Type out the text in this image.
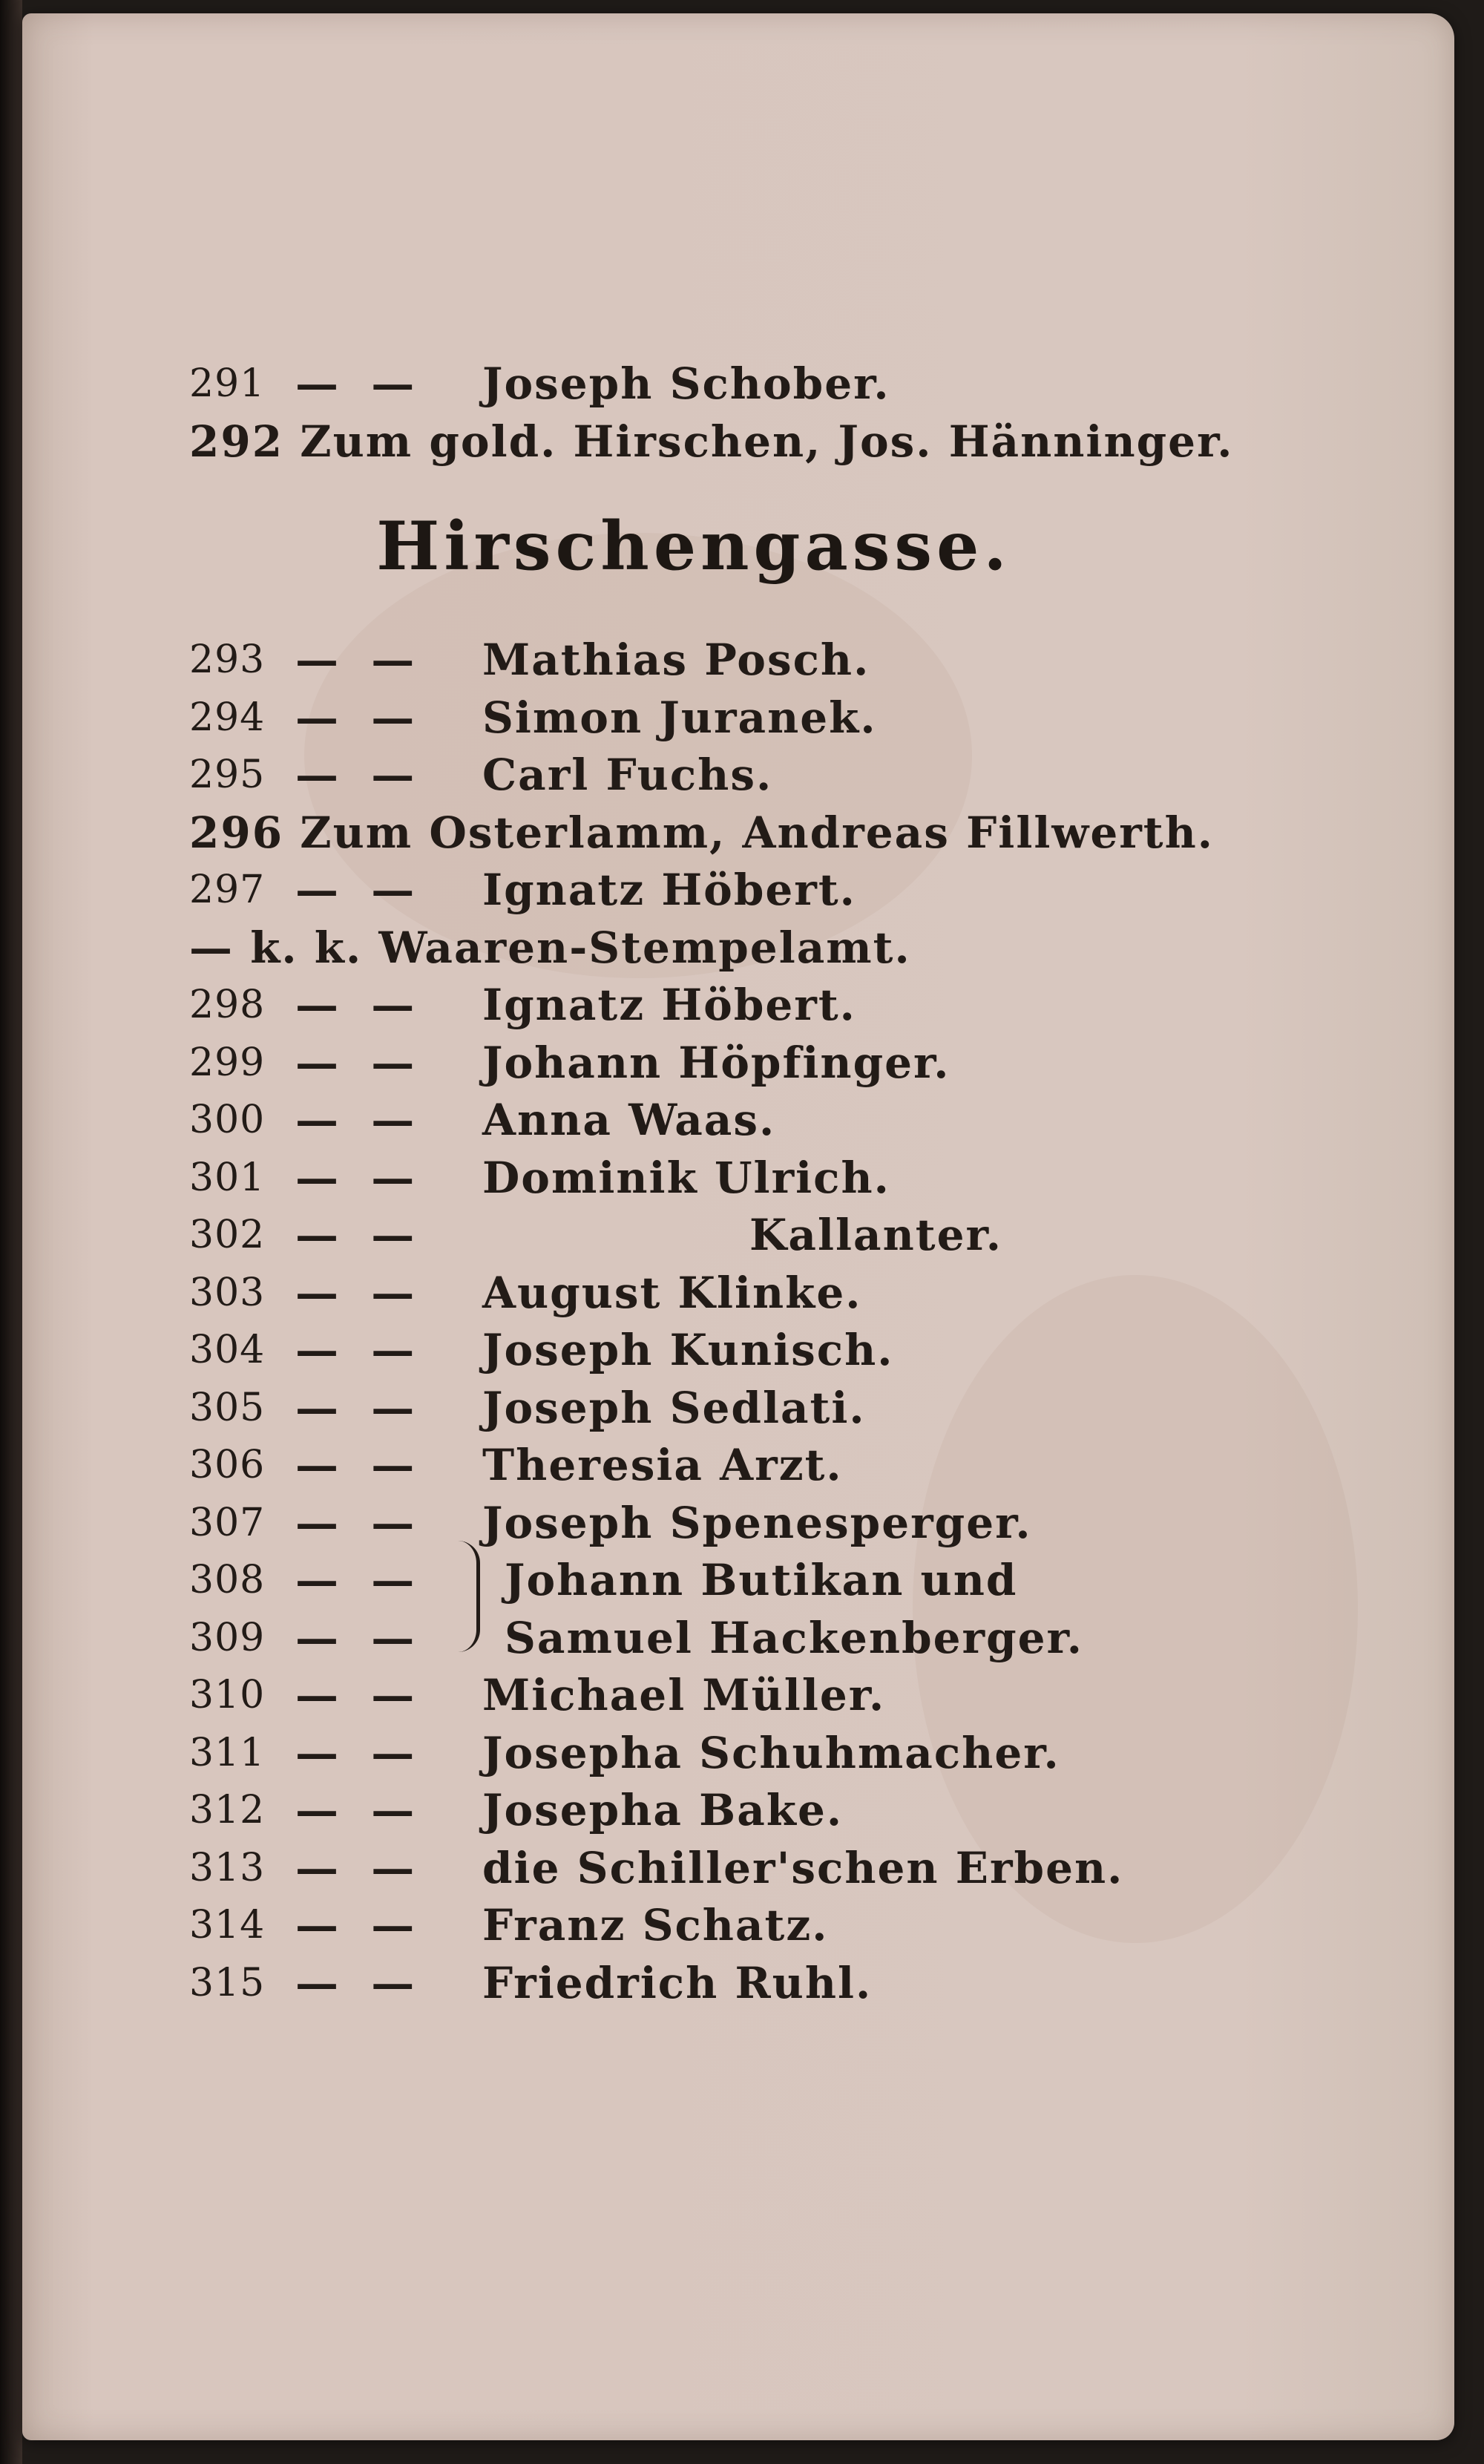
291 — — Joseph Schober.
292 Zum gold. Hirschen, Jos. Hänninger.
Hirschengasse.
293 — — Mathias Posch.
294 — — Simon Juranek.
295 — — Carl Fuchs.
296 Zum Osterlamm, Andreas Fillwerth.
297 — — Ignatz Höbert.
— k. k. Waaren-Stempelamt.
298 — — Ignatz Höbert.
299 — — Johann Höpfinger.
300 — — Anna Waas.
301 — — Dominik Ulrich.
302 — —	Kallanter.
303 — — August Klinke.
304 — — Joseph Kunisch.
305 — — Joseph Sedlati.
306 — — Theresia Arzt.
307 — — Joseph Spenesperger.
308 — — Johann Butikan und
309 — — Samuel Hackenberger.
310 — — Michael Müller.
311 — — Josepha Schuhmacher.
312 — — Josepha Bake.
313 — — die Schiller'schen Erben.
314 — — Franz Schatz.
315 — — Friedrich Ruhl.
